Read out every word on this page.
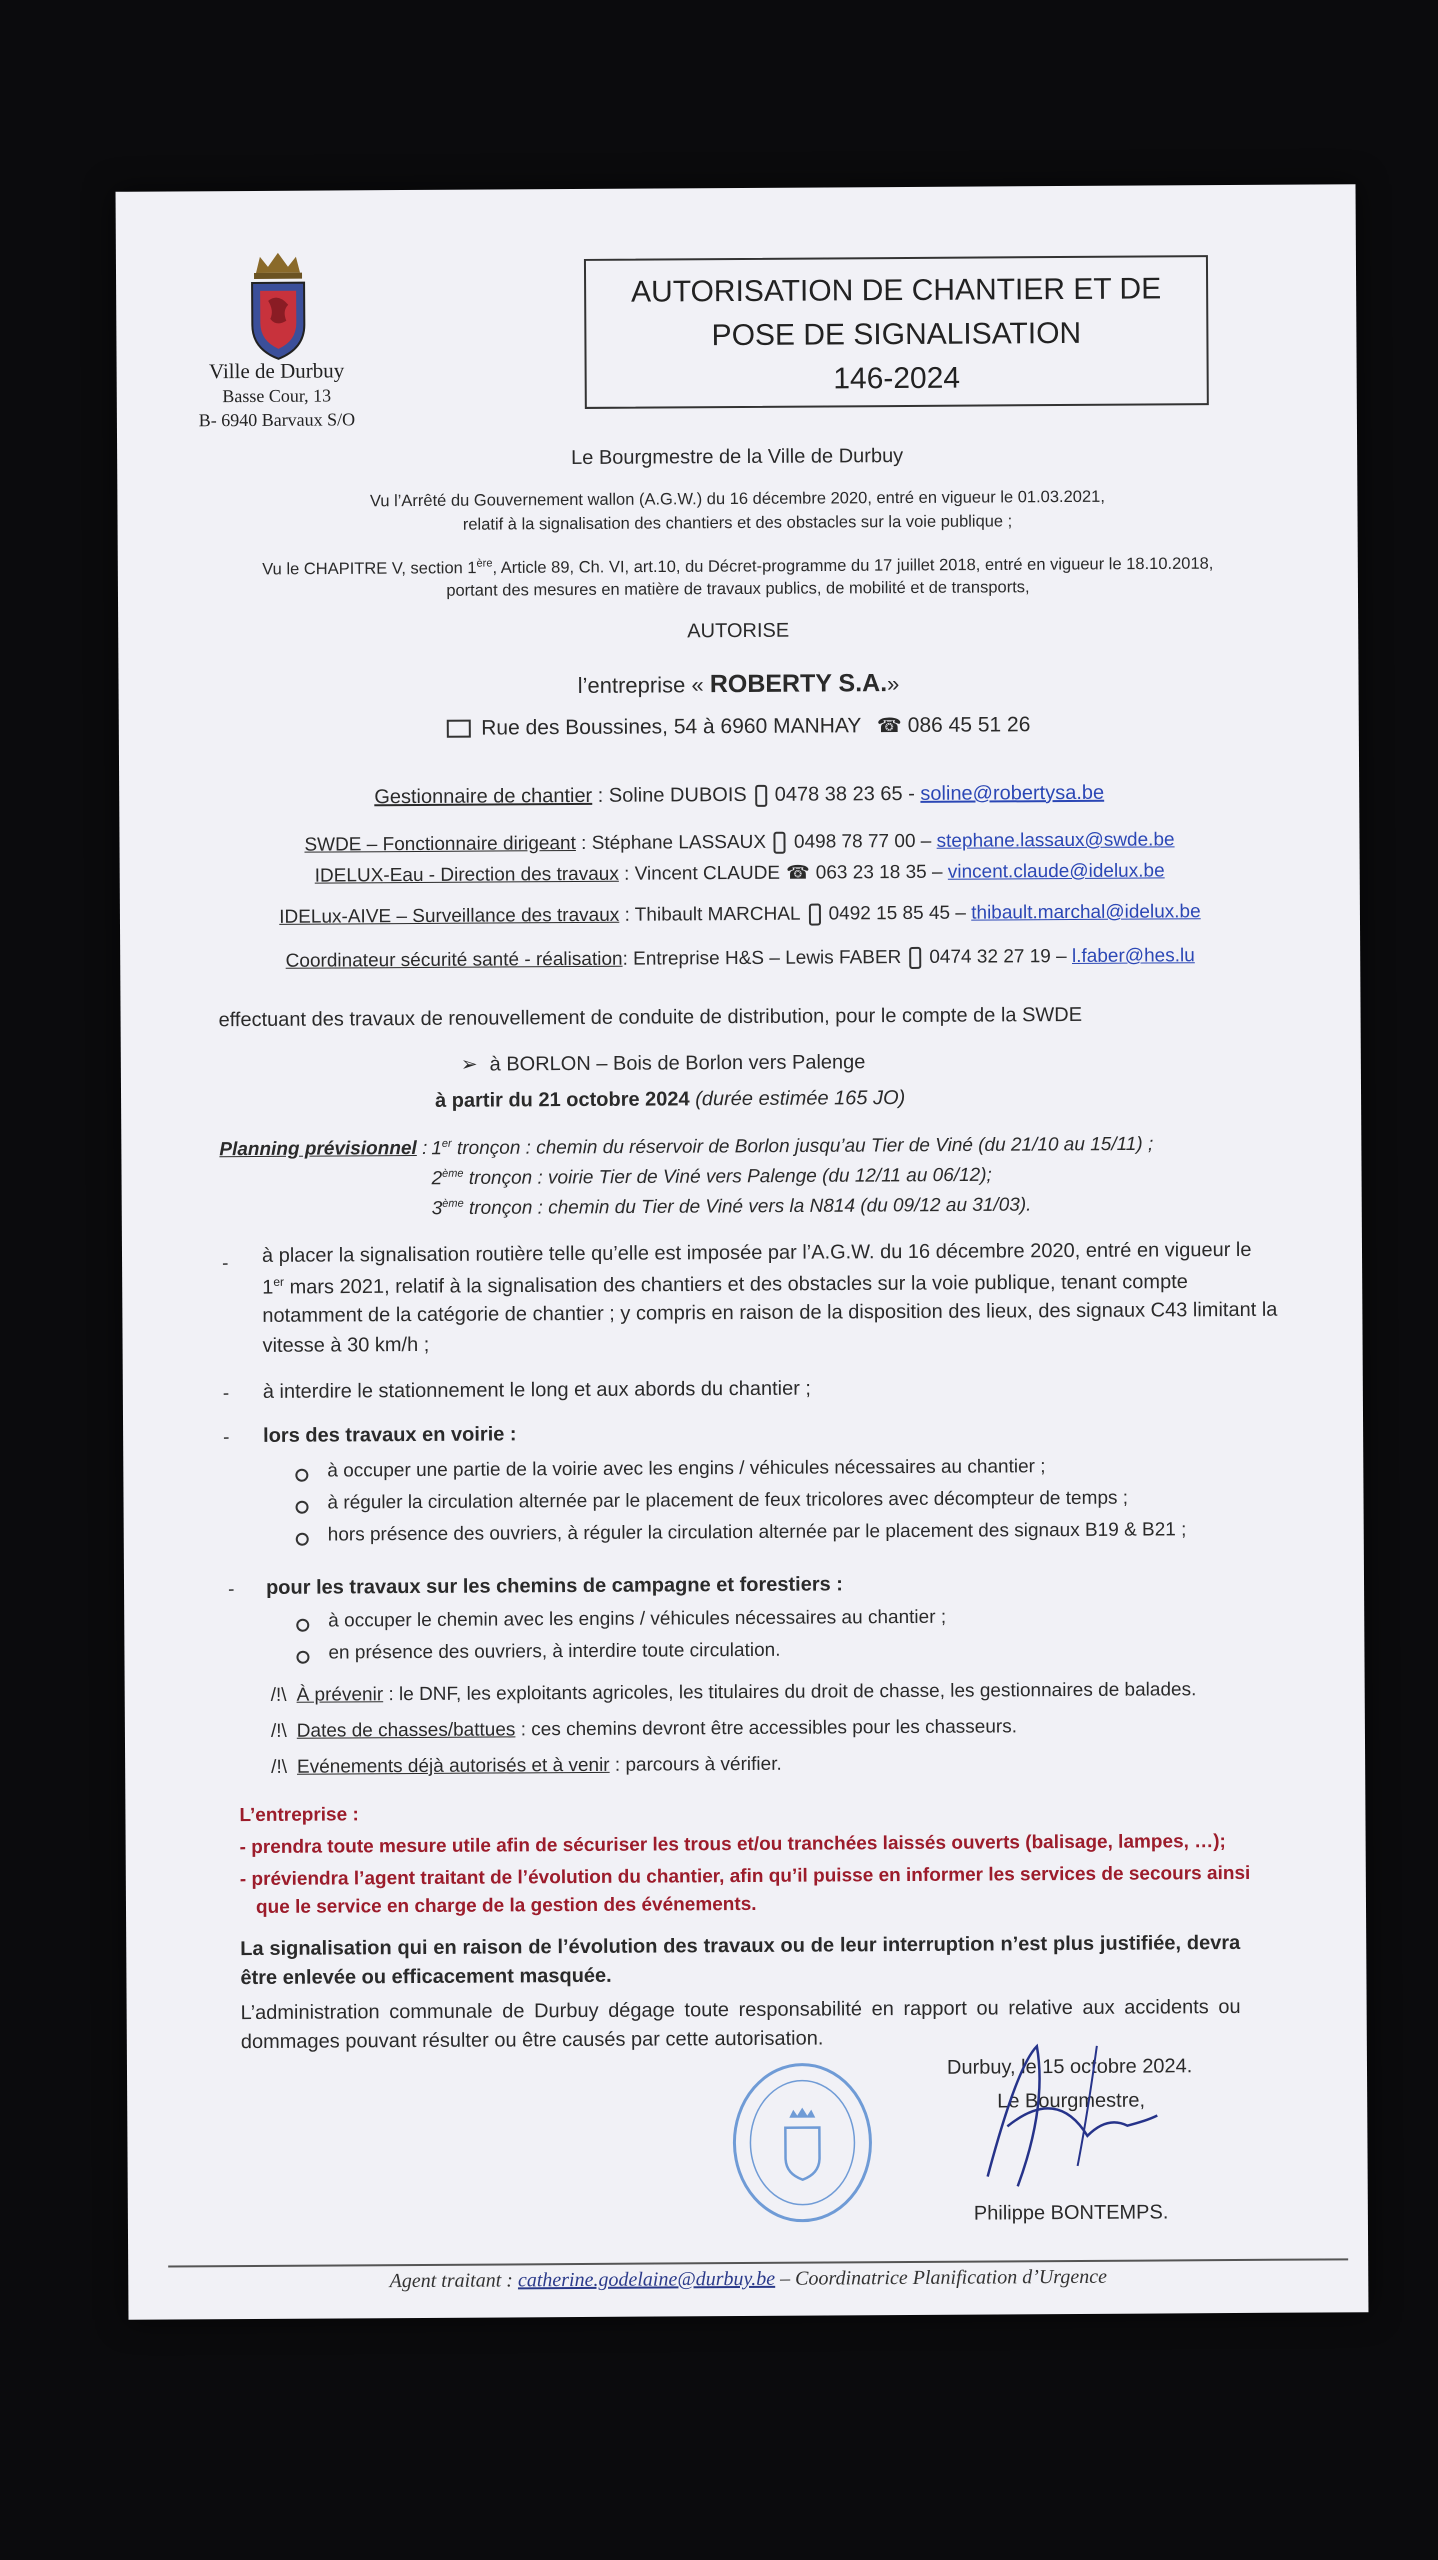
Ville de Durbuy
Basse Cour, 13
B- 6940 Barvaux S/O
AUTORISATION DE CHANTIER ET DE
POSE DE SIGNALISATION
146-2024
Le Bourgmestre de la Ville de Durbuy
Vu l’Arrêté du Gouvernement wallon (A.G.W.) du 16 décembre 2020, entré en vigueur le 01.03.2021,
relatif à la signalisation des chantiers et des obstacles sur la voie publique ;
Vu le CHAPITRE V, section 1ère, Article 89, Ch. VI, art.10, du Décret-programme du 17 juillet 2018, entré en vigueur le 18.10.2018,
portant des mesures en matière de travaux publics, de mobilité et de transports,
AUTORISE
l’entreprise « ROBERTY S.A.»
Rue des Boussines, 54 à 6960 MANHAY ☎ 086 45 51 26
Gestionnaire de chantier : Soline DUBOIS 0478 38 23 65 - soline@robertysa.be
SWDE – Fonctionnaire dirigeant : Stéphane LASSAUX 0498 78 77 00 – stephane.lassaux@swde.be
IDELUX-Eau - Direction des travaux : Vincent CLAUDE ☎ 063 23 18 35 – vincent.claude@idelux.be
IDELux-AIVE – Surveillance des travaux : Thibault MARCHAL 0492 15 85 45 – thibault.marchal@idelux.be
Coordinateur sécurité santé - réalisation: Entreprise H&S – Lewis FABER 0474 32 27 19 – l.faber@hes.lu
effectuant des travaux de renouvellement de conduite de distribution, pour le compte de la SWDE
➢ à BORLON – Bois de Borlon vers Palenge
à partir du 21 octobre 2024 (durée estimée 165 JO)
Planning prévisionnel : 1er tronçon : chemin du réservoir de Borlon jusqu’au Tier de Viné (du 21/10 au 15/11) ;
2ème tronçon : voirie Tier de Viné vers Palenge (du 12/11 au 06/12);
3ème tronçon : chemin du Tier de Viné vers la N814 (du 09/12 au 31/03).
- à placer la signalisation routière telle qu’elle est imposée par l’A.G.W. du 16 décembre 2020, entré en vigueur le
1er mars 2021, relatif à la signalisation des chantiers et des obstacles sur la voie publique, tenant compte
notamment de la catégorie de chantier ; y compris en raison de la disposition des lieux, des signaux C43 limitant la
vitesse à 30 km/h ;
- à interdire le stationnement le long et aux abords du chantier ;
- lors des travaux en voirie :
à occuper une partie de la voirie avec les engins / véhicules nécessaires au chantier ;
à réguler la circulation alternée par le placement de feux tricolores avec décompteur de temps ;
hors présence des ouvriers, à réguler la circulation alternée par le placement des signaux B19 & B21 ;
- pour les travaux sur les chemins de campagne et forestiers :
à occuper le chemin avec les engins / véhicules nécessaires au chantier ;
en présence des ouvriers, à interdire toute circulation.
/!\ À prévenir : le DNF, les exploitants agricoles, les titulaires du droit de chasse, les gestionnaires de balades.
/!\ Dates de chasses/battues : ces chemins devront être accessibles pour les chasseurs.
/!\ Evénements déjà autorisés et à venir : parcours à vérifier.
L’entreprise :
- prendra toute mesure utile afin de sécuriser les trous et/ou tranchées laissés ouverts (balisage, lampes, …);
- préviendra l’agent traitant de l’évolution du chantier, afin qu’il puisse en informer les services de secours ainsi
que le service en charge de la gestion des événements.
La signalisation qui en raison de l’évolution des travaux ou de leur interruption n’est plus justifiée, devra être enlevée ou efficacement masquée.
L’administration communale de Durbuy dégage toute responsabilité en rapport ou relative aux accidents ou dommages pouvant résulter ou être causés par cette autorisation.
Durbuy, le 15 octobre 2024.
Le Bourgmestre,
Philippe BONTEMPS.
Agent traitant : catherine.godelaine@durbuy.be – Coordinatrice Planification d’Urgence
